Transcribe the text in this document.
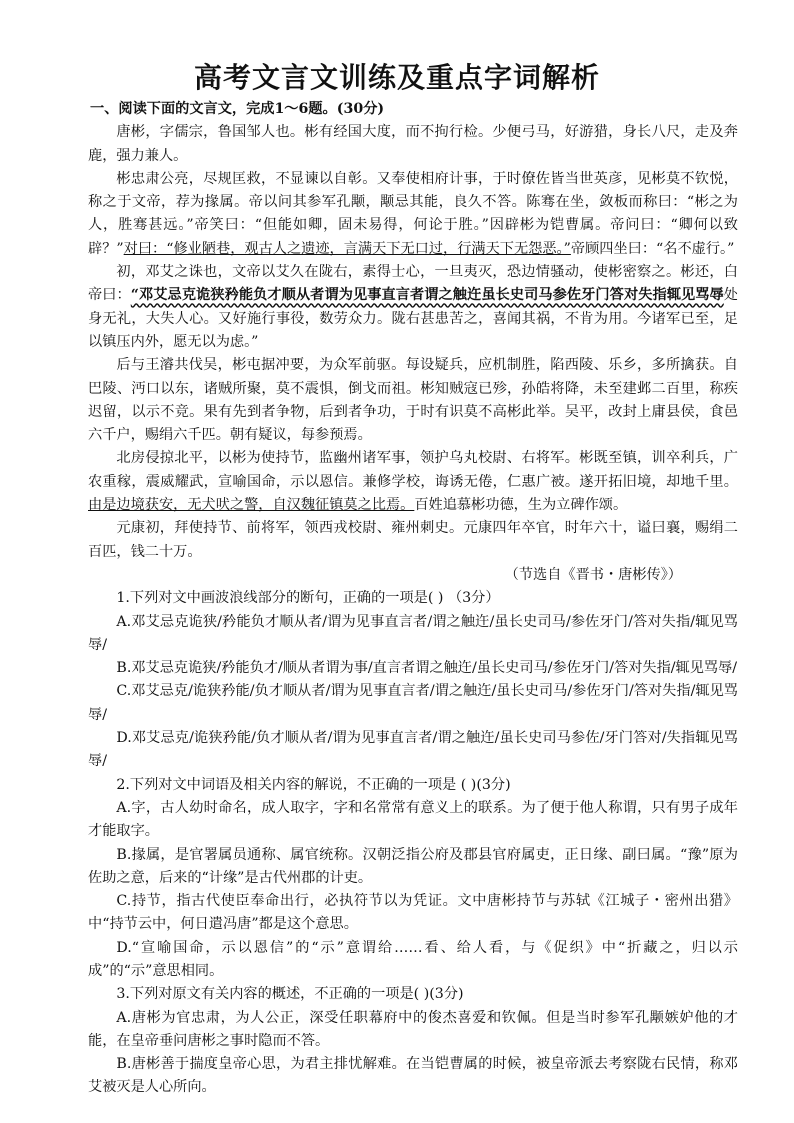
高考文言文训练及重点字词解析

一、阅读下面的文言文，完成1～6题。(30分)

唐彬，字儒宗，鲁国邹人也。彬有经国大度，而不拘行检。少便弓马，好游猎，身长八尺，走及奔鹿，强力兼人。

彬忠肃公亮，尽规匡救，不显谏以自彰。又奉使相府计事，于时僚佐皆当世英彦，见彬莫不钦悦，称之于文帝，荐为掾属。帝以问其参军孔颙，颙忌其能，良久不答。陈骞在坐，敛板而称曰：“彬之为人，胜骞甚远。”帝笑曰：“但能如卿，固未易得，何论于胜。”因辟彬为铠曹属。帝问曰：“卿何以致辟？”对曰：“修业陋巷，观古人之遗迹，言满天下无口过，行满天下无怨恶。”帝顾四坐曰：“名不虚行。”

初，邓艾之诛也，文帝以艾久在陇右，素得士心，一旦夷灭，恐边情骚动，使彬密察之。彬还，白帝曰：“邓艾忌克诡狭矜能负才顺从者谓为见事直言者谓之触迕虽长史司马参佐牙门答对失指辄见骂辱处身无礼，大失人心。又好施行事役，数劳众力。陇右甚患苦之，喜闻其祸，不肯为用。今诸军已至，足以镇压内外，愿无以为虑。”

后与王濬共伐吴，彬屯据冲要，为众军前驱。每设疑兵，应机制胜，陷西陵、乐乡，多所擒获。自巴陵、沔口以东，诸贼所聚，莫不震惧，倒戈而祖。彬知贼寇已殄，孙皓将降，未至建邺二百里，称疾迟留，以示不竞。果有先到者争物，后到者争功，于时有识莫不高彬此举。吴平，改封上庸县侯，食邑六千户，赐绢六千匹。朝有疑议，每参预焉。

北房侵掠北平，以彬为使持节，监幽州诸军事，领护乌丸校尉、右将军。彬既至镇，训卒利兵，广农重稼，震威耀武，宣喻国命，示以恩信。兼修学校，诲诱无倦，仁惠广被。遂开拓旧境，却地千里。由是边境获安，无犬吠之警，自汉魏征镇莫之比焉。百姓追慕彬功德，生为立碑作颂。

元康初，拜使持节、前将军，领西戎校尉、雍州刺史。元康四年卒官，时年六十，谥曰襄，赐绢二百匹，钱二十万。

（节选自《晋书・唐彬传》）

1.下列对文中画波浪线部分的断句，正确的一项是( ) （3分）

A.邓艾忌克诡狭/矜能负才顺从者/谓为见事直言者/谓之触迕/虽长史司马/参佐牙门/答对失指/辄见骂辱/

B.邓艾忌克诡狭/矜能负才/顺从者谓为事/直言者谓之触迕/虽长史司马/参佐牙门/答对失指/辄见骂辱/

C.邓艾忌克/诡狭矜能/负才顺从者/谓为见事直言者/谓之触迕/虽长史司马/参佐牙门/答对失指/辄见骂辱/

D.邓艾忌克/诡狭矜能/负才顺从者/谓为见事直言者/谓之触迕/虽长史司马参佐/牙门答对/失指辄见骂辱/

2.下列对文中词语及相关内容的解说，不正确的一项是 ( )(3分)

A.字，古人幼时命名，成人取字，字和名常常有意义上的联系。为了便于他人称谓，只有男子成年才能取字。

B.掾属，是官署属员通称、属官统称。汉朝泛指公府及郡县官府属吏，正日缘、副曰属。“豫”原为佐助之意，后来的“计缘”是古代州郡的计吏。

C.持节，指古代使臣奉命出行，必执符节以为凭证。文中唐彬持节与苏轼《江城子・密州出猎》中“持节云中，何日遣冯唐”都是这个意思。

D.“宣喻国命，示以恩信”的“示”意谓给……看、给人看，与《促织》中“折藏之，归以示成”的“示”意思相同。

3.下列对原文有关内容的概述，不正确的一项是( )(3分)

A.唐彬为官忠肃，为人公正，深受任职幕府中的俊杰喜爱和钦佩。但是当时参军孔颙嫉妒他的才能，在皇帝垂问唐彬之事时隐而不答。

B.唐彬善于揣度皇帝心思，为君主排忧解难。在当铠曹属的时候，被皇帝派去考察陇右民情，称邓艾被灭是人心所向。
